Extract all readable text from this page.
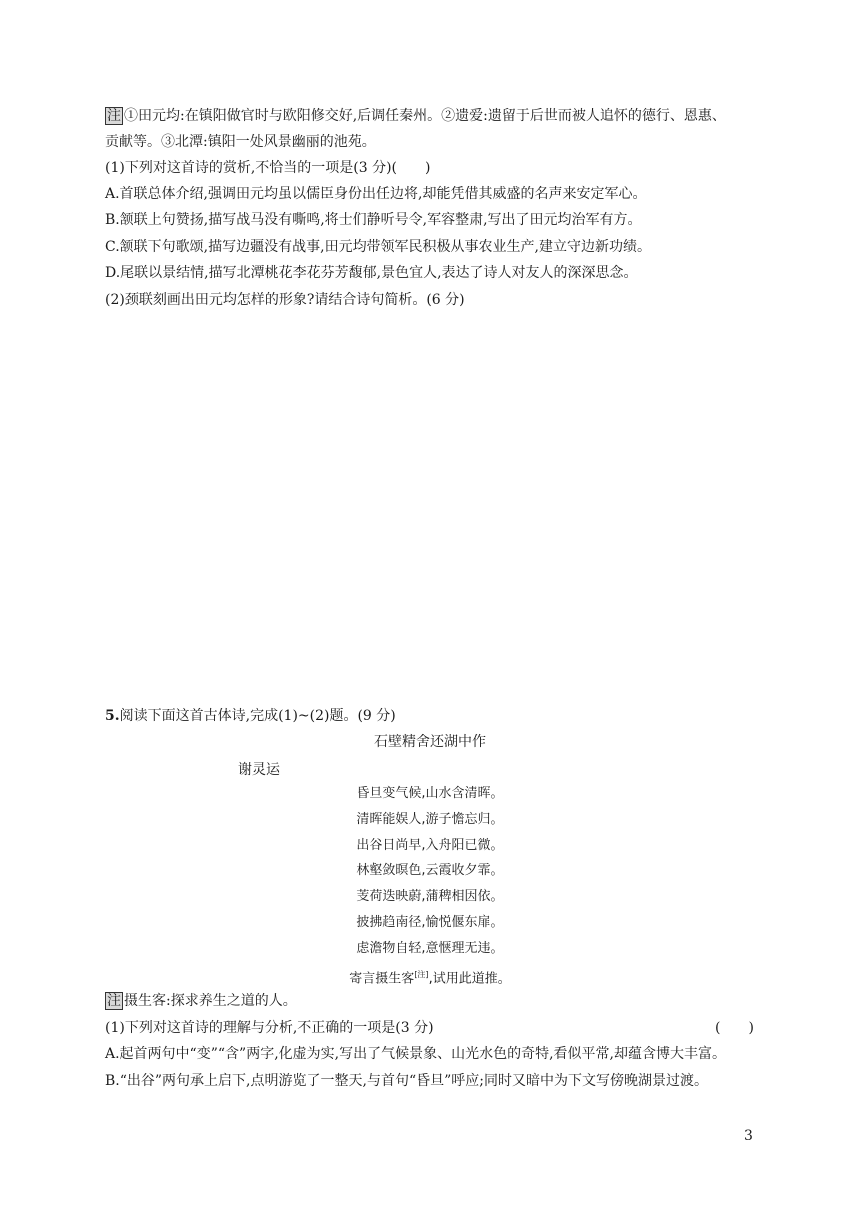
注 ①田元均:在镇阳做官时与欧阳修交好,后调任秦州。②遗爱:遗留于后世而被人追怀的德行、恩惠、
贡献等。③北潭:镇阳一处风景幽丽的池苑。
(1)下列对这首诗的赏析,不恰当的一项是(3 分)(　　)
A.首联总体介绍,强调田元均虽以儒臣身份出任边将,却能凭借其威盛的名声来安定军心。
B.颔联上句赞扬,描写战马没有嘶鸣,将士们静听号令,军容整肃,写出了田元均治军有方。
C.颔联下句歌颂,描写边疆没有战事,田元均带领军民积极从事农业生产,建立守边新功绩。
D.尾联以景结情,描写北潭桃花李花芬芳馥郁,景色宜人,表达了诗人对友人的深深思念。
(2)颈联刻画出田元均怎样的形象?请结合诗句简析。(6 分)
5.阅读下面这首古体诗,完成(1)~(2)题。(9 分)
石壁精舍还湖中作
谢灵运
昏旦变气候,山水含清晖。
清晖能娱人,游子憺忘归。
出谷日尚早,入舟阳已微。
林壑敛暝色,云霞收夕霏。
芰荷迭映蔚,蒲稗相因依。
披拂趋南径,愉悦偃东扉。
虑澹物自轻,意惬理无违。
寄言摄生客[注],试用此道推。
注 摄生客:探求养生之道的人。
(1)下列对这首诗的理解与分析,不正确的一项是(3 分)	(　　)
A.起首两句中“变”“含”两字,化虚为实,写出了气候景象、山光水色的奇特,看似平常,却蕴含博大丰富。
B.“出谷”两句承上启下,点明游览了一整天,与首句“昏旦”呼应;同时又暗中为下文写傍晚湖景过渡。
3
